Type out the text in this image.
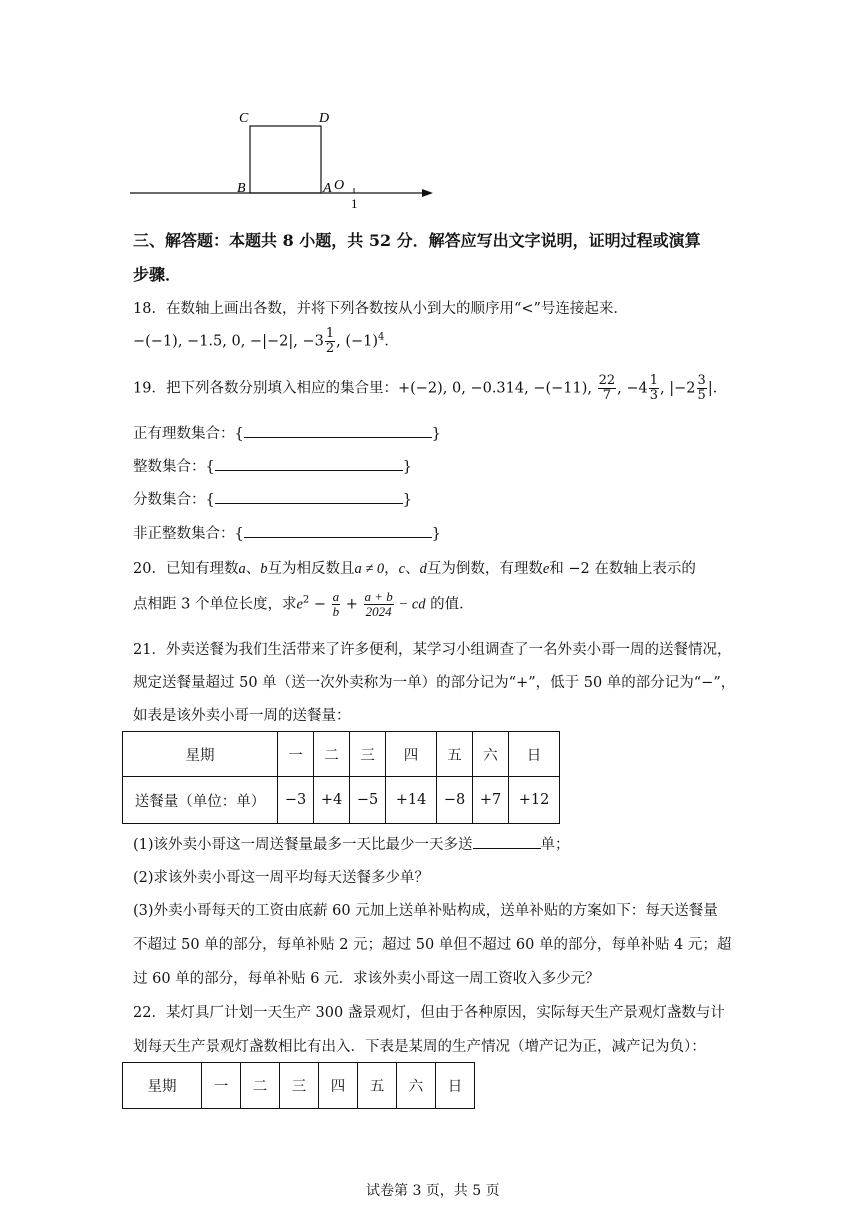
C	D
B	A O
1
三、解答题：本题共 8 小题，共 52 分．解答应写出文字说明，证明过程或演算
步骤．
18．在数轴上画出各数，并将下列各数按从小到大的顺序用“<”号连接起来．
−(−1), −1.5, 0, −|−2|, $-3 \frac{1}{2}$ , $(-1)^4$．
19．把下列各数分别填入相应的集合里：+(−2), 0, −0.314, −(−11), $\frac{22}{7}$ , $-4 \frac{1}{3}$ , $|-2 \frac{3}{5}$ |．
正有理数集合：{	}
整数集合：{	}
分数集合：{	}
非正整数集合：{	}
20．已知有理数a、b互为相反数且a ≠ 0，c、d互为倒数，有理数e和 −2 在数轴上表示的
点相距 3 个单位长度，求$e^2 - \frac{a}{b} + \frac{a + b}{2024}$ − cd 的值．
21．外卖送餐为我们生活带来了许多便利，某学习小组调查了一名外卖小哥一周的送餐情况，
规定送餐量超过 50 单（送一次外卖称为一单）的部分记为“+”，低于 50 单的部分记为“−”，
如表是该外卖小哥一周的送餐量：
星期	一	二	三	四	五	六	日
送餐量（单位：单）	−3	+4	−5	+14	−8	+7	+12
(1)该外卖小哥这一周送餐量最多一天比最少一天多送	单；
(2)求该外卖小哥这一周平均每天送餐多少单？
(3)外卖小哥每天的工资由底薪 60 元加上送单补贴构成，送单补贴的方案如下：每天送餐量
不超过 50 单的部分，每单补贴 2 元；超过 50 单但不超过 60 单的部分，每单补贴 4 元；超
过 60 单的部分，每单补贴 6 元．求该外卖小哥这一周工资收入多少元？
22．某灯具厂计划一天生产 300 盏景观灯，但由于各种原因，实际每天生产景观灯盏数与计
划每天生产景观灯盏数相比有出入．下表是某周的生产情况（增产记为正，减产记为负）：
星期	一	二	三	四	五	六	日
试卷第 3 页，共 5 页
